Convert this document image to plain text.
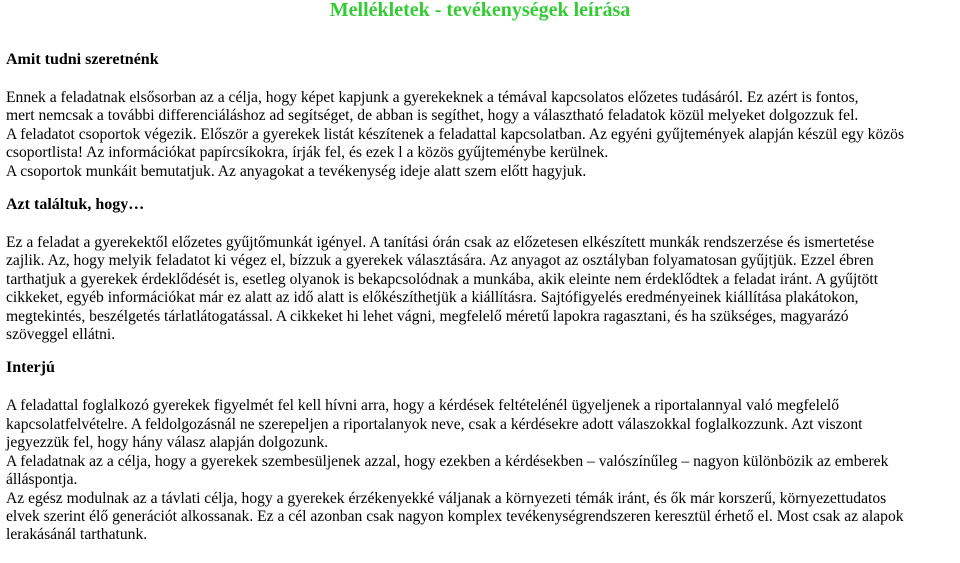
Mellékletek - tevékenységek leírása
Amit tudni szeretnénk
Ennek a feladatnak elsősorban az a célja, hogy képet kapjunk a gyerekeknek a témával kapcsolatos előzetes tudásáról. Ez azért is fontos,
mert nemcsak a további differenciáláshoz ad segítséget, de abban is segíthet, hogy a választható feladatok közül melyeket dolgozzuk fel.
A feladatot csoportok végezik. Először a gyerekek listát készítenek a feladattal kapcsolatban. Az egyéni gyűjtemények alapján készül egy közös
csoportlista! Az információkat papírcsíkokra, írják fel, és ezek l a közös gyűjteménybe kerülnek.
A csoportok munkáit bemutatjuk. Az anyagokat a tevékenység ideje alatt szem előtt hagyjuk.
Azt találtuk, hogy…
Ez a feladat a gyerekektől előzetes gyűjtőmunkát igényel. A tanítási órán csak az előzetesen elkészített munkák rendszerzése és ismertetése
zajlik. Az, hogy melyik feladatot ki végez el, bízzuk a gyerekek választására. Az anyagot az osztályban folyamatosan gyűjtjük. Ezzel ébren
tarthatjuk a gyerekek érdeklődését is, esetleg olyanok is bekapcsolódnak a munkába, akik eleinte nem érdeklődtek a feladat iránt. A gyűjtött
cikkeket, egyéb információkat már ez alatt az idő alatt is előkészíthetjük a kiállításra. Sajtófigyelés eredményeinek kiállítása plakátokon,
megtekintés, beszélgetés tárlatlátogatással. A cikkeket hi lehet vágni, megfelelő méretű lapokra ragasztani, és ha szükséges, magyarázó
szöveggel ellátni.
Interjú
A feladattal foglalkozó gyerekek figyelmét fel kell hívni arra, hogy a kérdések feltételénél ügyeljenek a riportalannyal való megfelelő
kapcsolatfelvételre. A feldolgozásnál ne szerepeljen a riportalanyok neve, csak a kérdésekre adott válaszokkal foglalkozzunk. Azt viszont
jegyezzük fel, hogy hány válasz alapján dolgozunk.
A feladatnak az a célja, hogy a gyerekek szembesüljenek azzal, hogy ezekben a kérdésekben – valószínűleg – nagyon különbözik az emberek
álláspontja.
Az egész modulnak az a távlati célja, hogy a gyerekek érzékenyekké váljanak a környezeti témák iránt, és ők már korszerű, környezettudatos
elvek szerint élő generációt alkossanak. Ez a cél azonban csak nagyon komplex tevékenységrendszeren keresztül érhető el. Most csak az alapok
lerakásánál tarthatunk.
